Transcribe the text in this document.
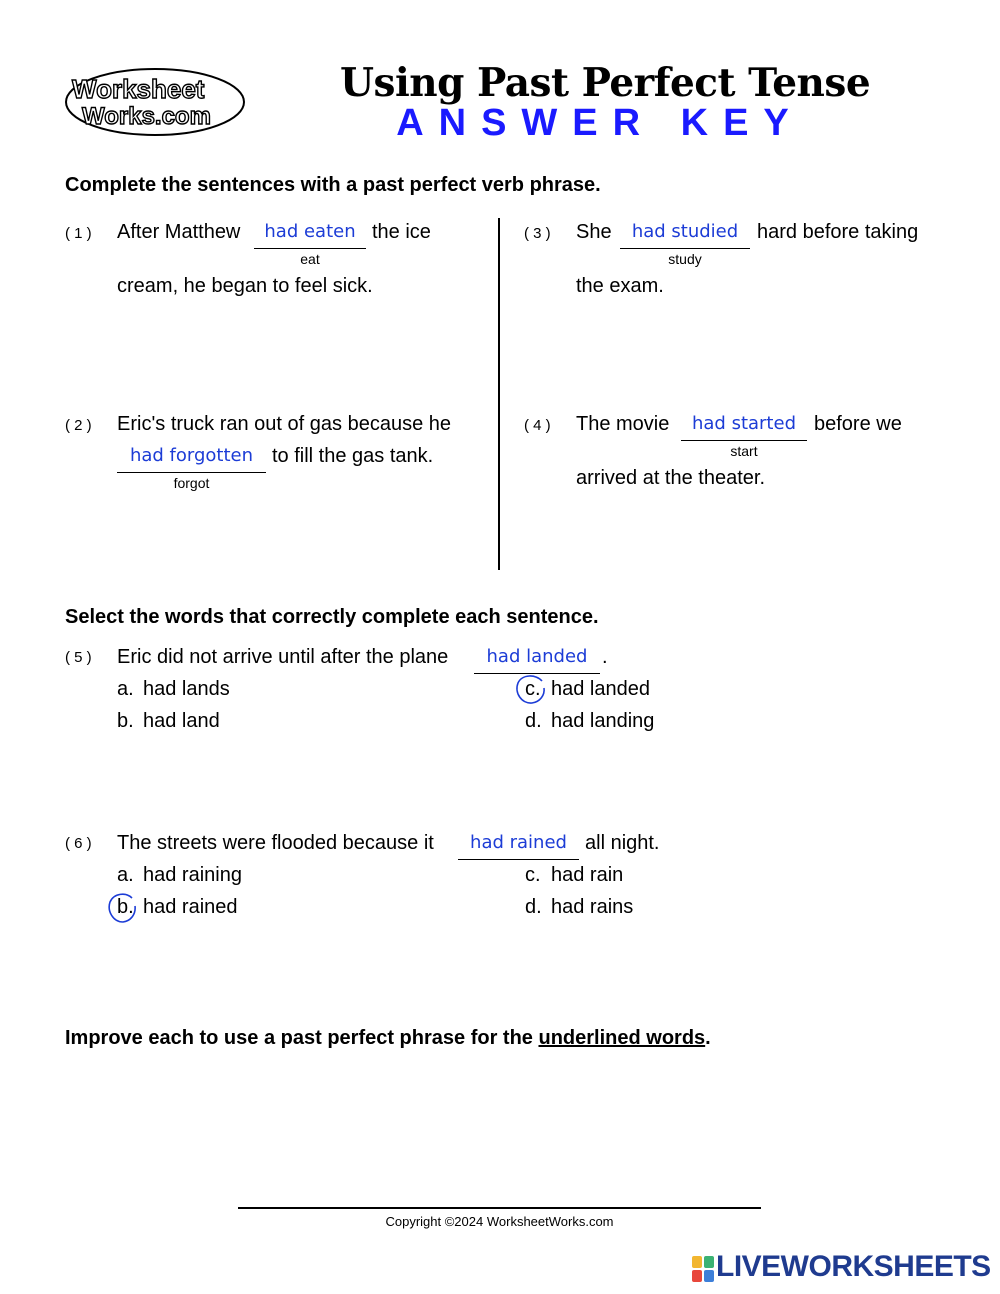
Worksheet
Works.com
Using Past Perfect Tense
ANSWER KEY
Complete the sentences with a past perfect verb phrase.
( 1 ) After Matthew	had eaten
eat
the ice
cream, he began to feel sick.
( 2 ) Eric's truck ran out of gas because he
had forgotten
forgot
to fill the gas tank.
( 3 ) She	had studied
study
hard before taking
the exam.
( 4 ) The movie	had started
start
before we
arrived at the theater.
Select the words that correctly complete each sentence.
( 5 ) Eric did not arrive until after the plane	had landed .
a. had lands
b. had land
c. had landed
d. had landing
( 6 ) The streets were flooded because it	had rained all night.
a. had raining
b. had rained
c. had rain
d. had rains
Improve each to use a past perfect phrase for the underlined words.
Copyright ©2024 WorksheetWorks.com
LIVEWORKSHEETS
